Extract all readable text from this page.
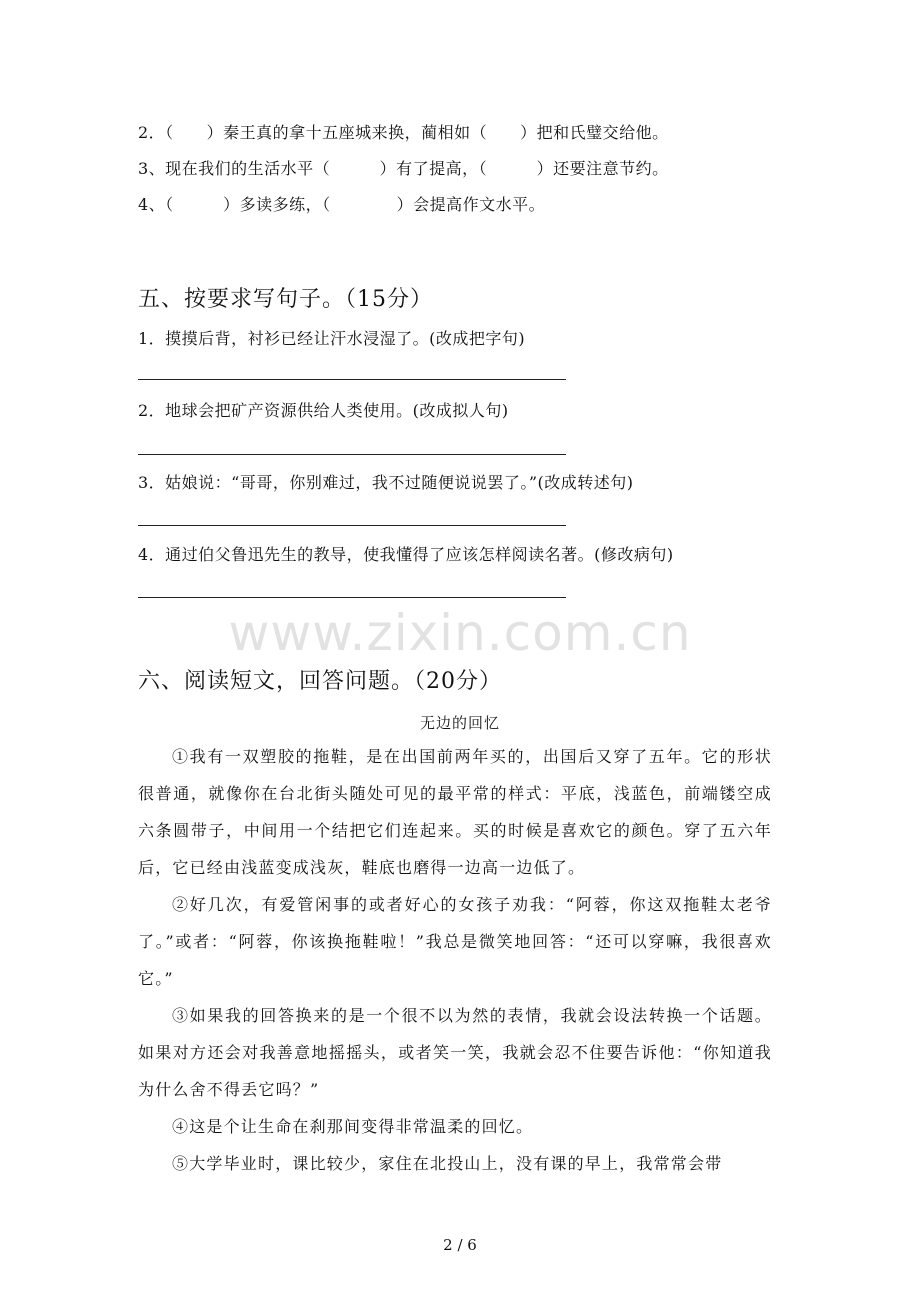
2．（　　）秦王真的拿十五座城来换，蔺相如（　　）把和氏璧交给他。
3、现在我们的生活水平（　　　）有了提高，（　　　）还要注意节约。
4、（　　　）多读多练，（　　　　）会提高作文水平。
五、按要求写句子。（15分）
1．摸摸后背，衬衫已经让汗水浸湿了。(改成把字句)
2．地球会把矿产资源供给人类使用。(改成拟人句)
3．姑娘说：“哥哥，你别难过，我不过随便说说罢了。”(改成转述句)
4．通过伯父鲁迅先生的教导，使我懂得了应该怎样阅读名著。(修改病句)
www.zixin.com.cn
六、阅读短文，回答问题。（20分）
无边的回忆
①我有一双塑胶的拖鞋，是在出国前两年买的，出国后又穿了五年。它的形状很普通，就像你在台北街头随处可见的最平常的样式：平底，浅蓝色，前端镂空成六条圆带子，中间用一个结把它们连起来。买的时候是喜欢它的颜色。穿了五六年后，它已经由浅蓝变成浅灰，鞋底也磨得一边高一边低了。
②好几次，有爱管闲事的或者好心的女孩子劝我：“阿蓉，你这双拖鞋太老爷了。”或者：“阿蓉，你该换拖鞋啦！”我总是微笑地回答：“还可以穿嘛，我很喜欢它。”
③如果我的回答换来的是一个很不以为然的表情，我就会设法转换一个话题。如果对方还会对我善意地摇摇头，或者笑一笑，我就会忍不住要告诉他：“你知道我为什么舍不得丢它吗？”
④这是个让生命在刹那间变得非常温柔的回忆。
⑤大学毕业时，课比较少，家住在北投山上，没有课的早上，我常常会带
2 / 6
